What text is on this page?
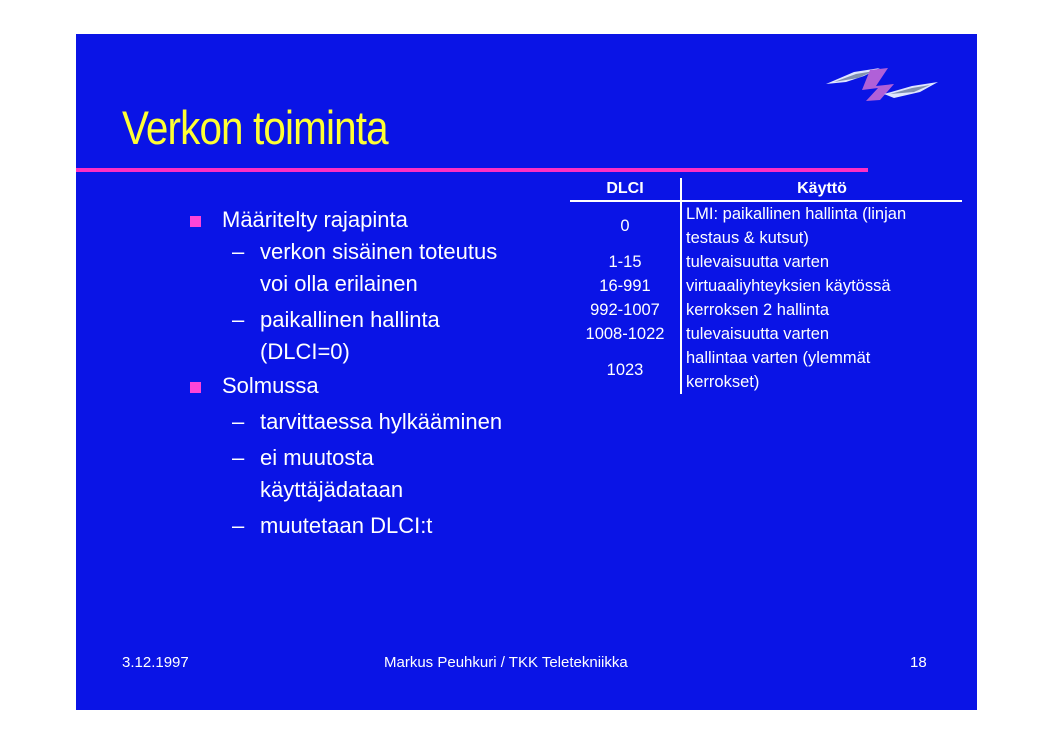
Verkon toiminta
Määritelty rajapinta
– verkon sisäinen toteutus
voi olla erilainen
– paikallinen hallinta
(DLCI=0)
Solmussa
– tarvittaessa hylkääminen
– ei muutosta
käyttäjädataan
– muutetaan DLCI:t
DLCI	Käyttö
0	LMI: paikallinen hallinta (linjan
testaus & kutsut)

1-15	tulevaisuutta varten
16-991	virtuaaliyhteyksien käytössä
992-1007	kerroksen 2 hallinta
1008-1022	tulevaisuutta varten
1023	hallintaa varten (ylemmät
kerrokset)
3.12.1997	Markus Peuhkuri / TKK Teletekniikka	18
